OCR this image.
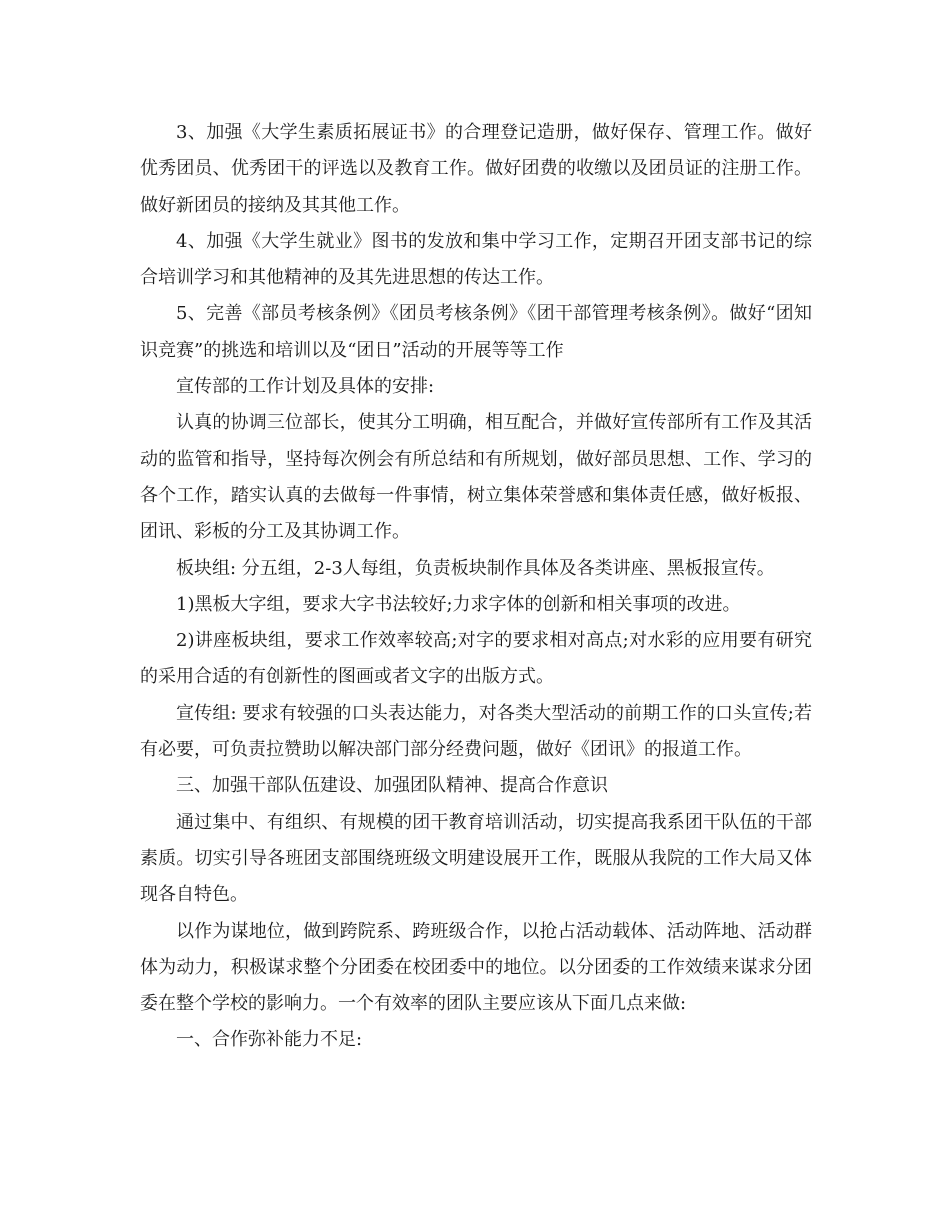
3、加强《大学生素质拓展证书》的合理登记造册，做好保存、管理工作。做好优秀团员、优秀团干的评选以及教育工作。做好团费的收缴以及团员证的注册工作。做好新团员的接纳及其其他工作。

4、加强《大学生就业》图书的发放和集中学习工作，定期召开团支部书记的综合培训学习和其他精神的及其先进思想的传达工作。

5、完善《部员考核条例》《团员考核条例》《团干部管理考核条例》。做好“团知识竞赛”的挑选和培训以及“团日”活动的开展等等工作

宣传部的工作计划及具体的安排:

认真的协调三位部长，使其分工明确，相互配合，并做好宣传部所有工作及其活动的监管和指导，坚持每次例会有所总结和有所规划，做好部员思想、工作、学习的各个工作，踏实认真的去做每一件事情，树立集体荣誉感和集体责任感，做好板报、团讯、彩板的分工及其协调工作。

板块组: 分五组，2-3人每组，负责板块制作具体及各类讲座、黑板报宣传。

1)黑板大字组，要求大字书法较好;力求字体的创新和相关事项的改进。

2)讲座板块组，要求工作效率较高;对字的要求相对高点;对水彩的应用要有研究的采用合适的有创新性的图画或者文字的出版方式。

宣传组: 要求有较强的口头表达能力，对各类大型活动的前期工作的口头宣传;若有必要，可负责拉赞助以解决部门部分经费问题，做好《团讯》的报道工作。

三、加强干部队伍建设、加强团队精神、提高合作意识

通过集中、有组织、有规模的团干教育培训活动，切实提高我系团干队伍的干部素质。切实引导各班团支部围绕班级文明建设展开工作，既服从我院的工作大局又体现各自特色。

以作为谋地位，做到跨院系、跨班级合作，以抢占活动载体、活动阵地、活动群体为动力，积极谋求整个分团委在校团委中的地位。以分团委的工作效绩来谋求分团委在整个学校的影响力。一个有效率的团队主要应该从下面几点来做:

一、合作弥补能力不足:
